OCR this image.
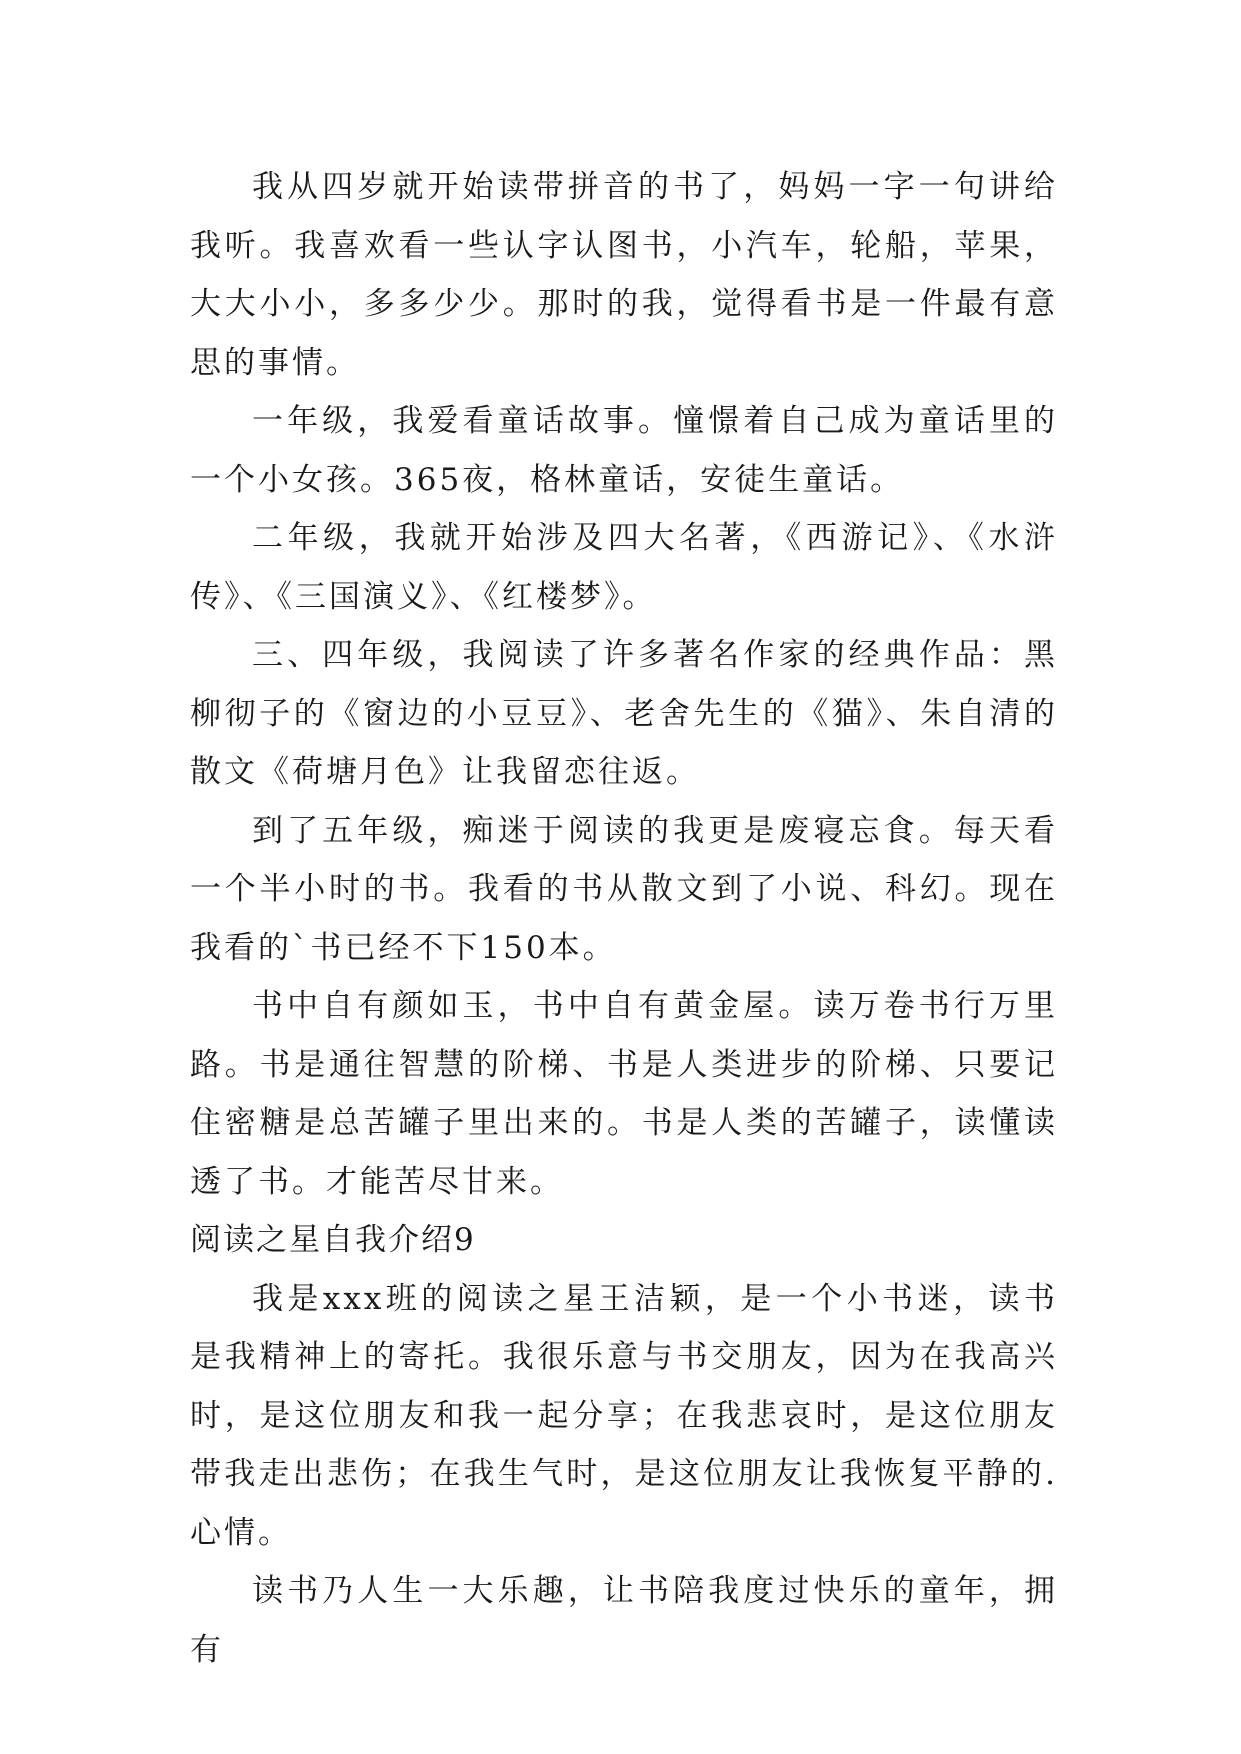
我从四岁就开始读带拼音的书了，妈妈一字一句讲给我听。我喜欢看一些认字认图书，小汽车，轮船，苹果，大大小小，多多少少。那时的我，觉得看书是一件最有意思的事情。

一年级，我爱看童话故事。憧憬着自己成为童话里的一个小女孩。365夜，格林童话，安徒生童话。

二年级，我就开始涉及四大名著，《西游记》、《水浒传》、《三国演义》、《红楼梦》。

三、四年级，我阅读了许多著名作家的经典作品：黑柳彻子的《窗边的小豆豆》、老舍先生的《猫》、朱自清的散文《荷塘月色》让我留恋往返。

到了五年级，痴迷于阅读的我更是废寝忘食。每天看一个半小时的书。我看的书从散文到了小说、科幻。现在我看的`书已经不下150本。

书中自有颜如玉，书中自有黄金屋。读万卷书行万里路。书是通往智慧的阶梯、书是人类进步的阶梯、只要记住密糖是总苦罐子里出来的。书是人类的苦罐子，读懂读透了书。才能苦尽甘来。

阅读之星自我介绍9

我是xxx班的阅读之星王洁颖，是一个小书迷，读书是我精神上的寄托。我很乐意与书交朋友，因为在我高兴时，是这位朋友和我一起分享；在我悲哀时，是这位朋友带我走出悲伤；在我生气时，是这位朋友让我恢复平静的.心情。

读书乃人生一大乐趣，让书陪我度过快乐的童年，拥有
